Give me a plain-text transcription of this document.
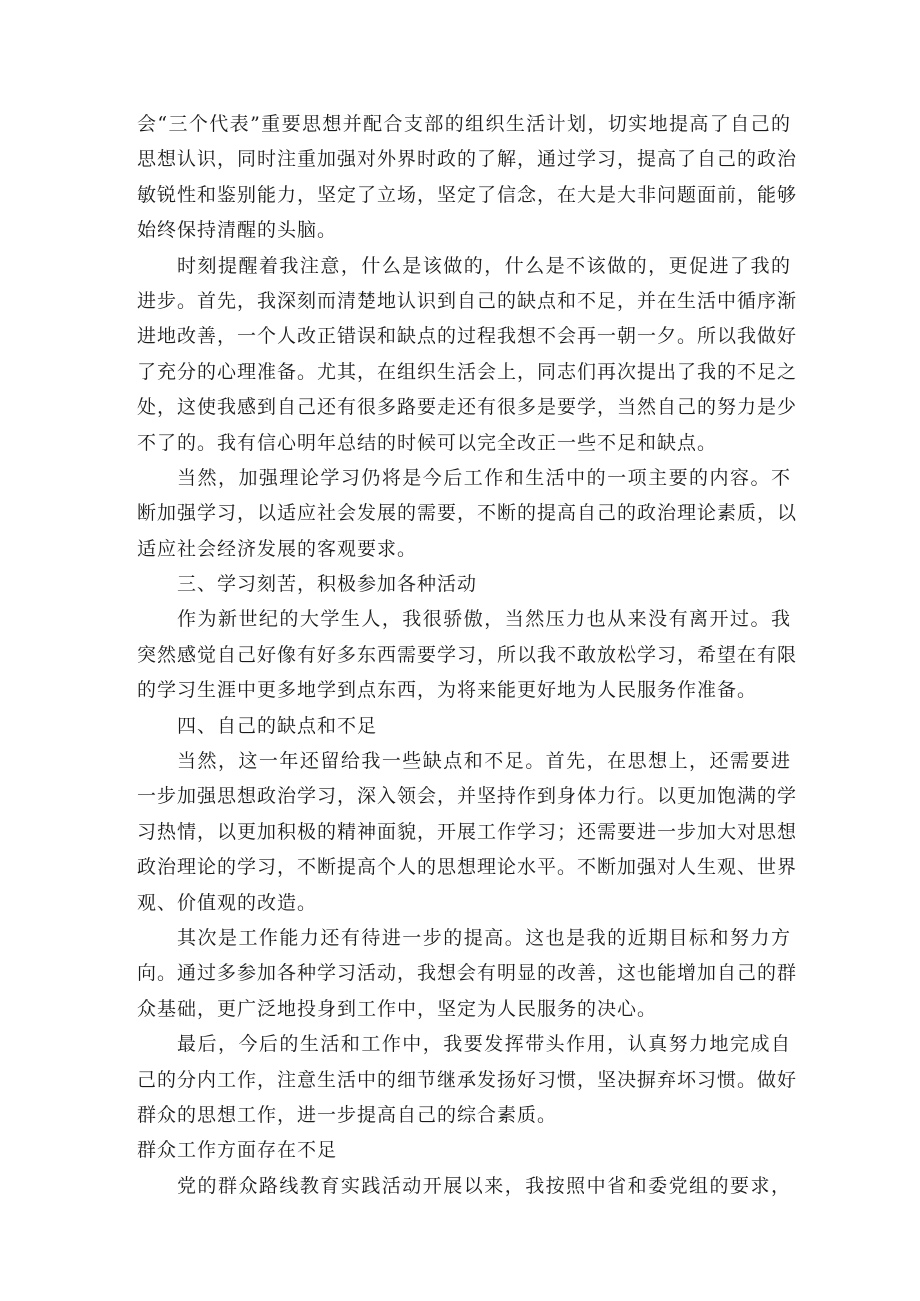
会“三个代表”重要思想并配合支部的组织生活计划，切实地提高了自己的
思想认识，同时注重加强对外界时政的了解，通过学习，提高了自己的政治
敏锐性和鉴别能力，坚定了立场，坚定了信念，在大是大非问题面前，能够
始终保持清醒的头脑。
时刻提醒着我注意，什么是该做的，什么是不该做的，更促进了我的
进步。首先，我深刻而清楚地认识到自己的缺点和不足，并在生活中循序渐
进地改善，一个人改正错误和缺点的过程我想不会再一朝一夕。所以我做好
了充分的心理准备。尤其，在组织生活会上，同志们再次提出了我的不足之
处，这使我感到自己还有很多路要走还有很多是要学，当然自己的努力是少
不了的。我有信心明年总结的时候可以完全改正一些不足和缺点。
当然，加强理论学习仍将是今后工作和生活中的一项主要的内容。不
断加强学习，以适应社会发展的需要，不断的提高自己的政治理论素质，以
适应社会经济发展的客观要求。
三、学习刻苦，积极参加各种活动
作为新世纪的大学生人，我很骄傲，当然压力也从来没有离开过。我
突然感觉自己好像有好多东西需要学习，所以我不敢放松学习，希望在有限
的学习生涯中更多地学到点东西，为将来能更好地为人民服务作准备。
四、自己的缺点和不足
当然，这一年还留给我一些缺点和不足。首先，在思想上，还需要进
一步加强思想政治学习，深入领会，并坚持作到身体力行。以更加饱满的学
习热情，以更加积极的精神面貌，开展工作学习；还需要进一步加大对思想
政治理论的学习，不断提高个人的思想理论水平。不断加强对人生观、世界
观、价值观的改造。
其次是工作能力还有待进一步的提高。这也是我的近期目标和努力方
向。通过多参加各种学习活动，我想会有明显的改善，这也能增加自己的群
众基础，更广泛地投身到工作中，坚定为人民服务的决心。
最后，今后的生活和工作中，我要发挥带头作用，认真努力地完成自
己的分内工作，注意生活中的细节继承发扬好习惯，坚决摒弃坏习惯。做好
群众的思想工作，进一步提高自己的综合素质。
群众工作方面存在不足
党的群众路线教育实践活动开展以来，我按照中省和委党组的要求，
